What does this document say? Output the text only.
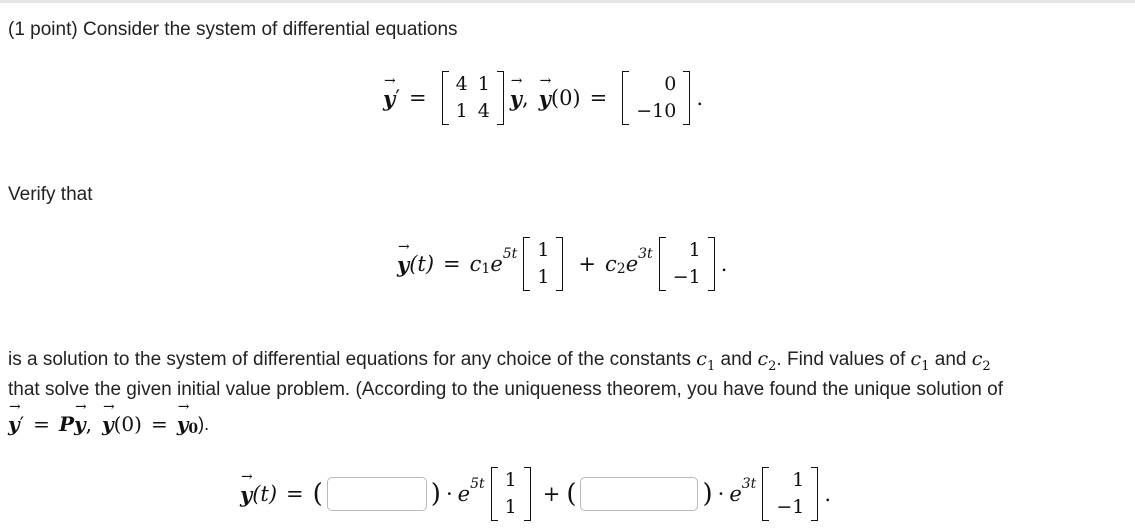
(1 point) Consider the system of differential equations
→ y ′ =
4 1
1 4
→ y , → y (0) =
0
−10
.
Verify that
→ y (t) = c 1 e 5t 1
1
+ c 2 e 3t	1
−1
.
is a solution to the system of differential equations for any choice of the constants $c_1$ and $c_2$. Find values of $c_1$ and $c_2$
that solve the given initial value problem. (According to the uniqueness theorem, you have found the unique solution of
→ y ′ = P → y , → y (0) = → y 0 ).
→ y (t) = (	) · e 5t 1
1
+ (	) · e 3t	1
−1
.
